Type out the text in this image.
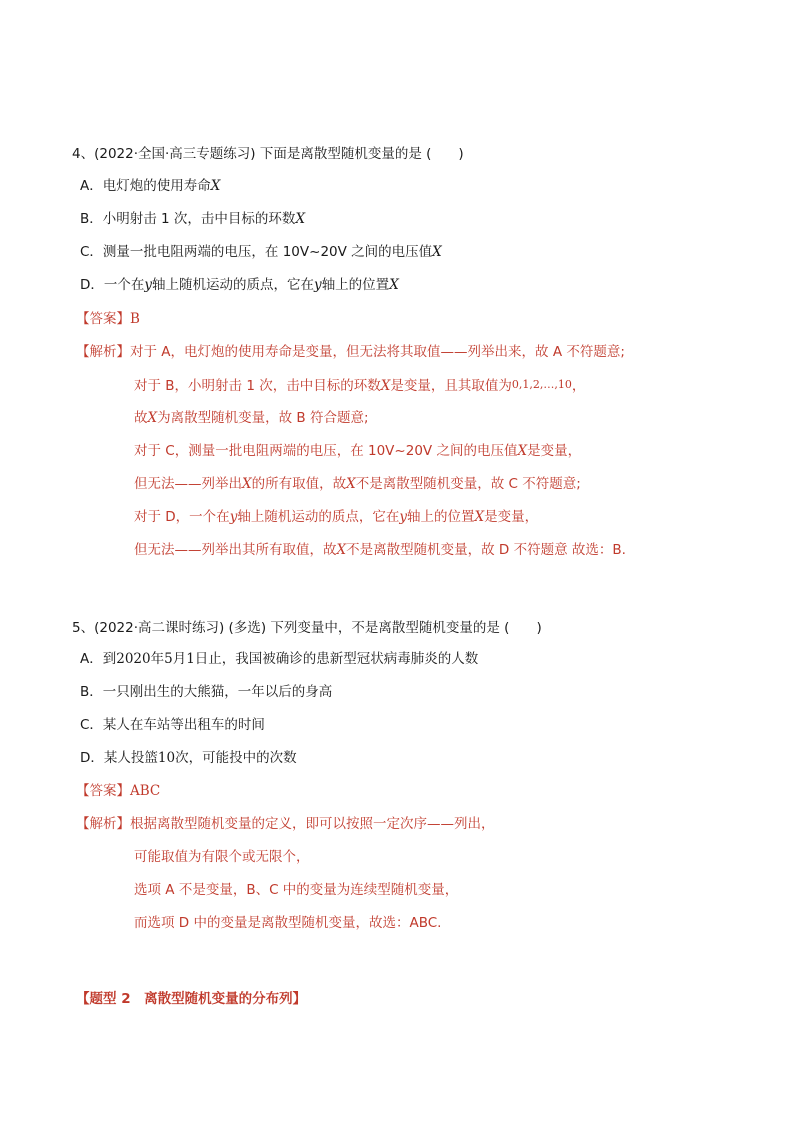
4、(2022·全国·高三专题练习) 下面是离散型随机变量的是 (　　)
A．电灯炮的使用寿命X
B．小明射击 1 次，击中目标的环数X
C．测量一批电阻两端的电压，在 10V~20V 之间的电压值X
D．一个在y轴上随机运动的质点，它在y轴上的位置X
【答案】B
【解析】对于 A，电灯炮的使用寿命是变量，但无法将其取值——列举出来，故 A 不符题意;
对于 B，小明射击 1 次，击中目标的环数X是变量，且其取值为0,1,2,…,10，
故X为离散型随机变量，故 B 符合题意;
对于 C，测量一批电阻两端的电压，在 10V~20V 之间的电压值X是变量，
但无法——列举出X的所有取值，故X不是离散型随机变量，故 C 不符题意;
对于 D，一个在y轴上随机运动的质点，它在y轴上的位置X是变量，
但无法——列举出其所有取值，故X不是离散型随机变量，故 D 不符题意 故选：B.
5、(2022·高二课时练习) (多选) 下列变量中，不是离散型随机变量的是 (　　)
A．到2020年5月1日止，我国被确诊的患新型冠状病毒肺炎的人数
B．一只刚出生的大熊猫，一年以后的身高
C．某人在车站等出租车的时间
D．某人投篮10次，可能投中的次数
【答案】ABC
【解析】根据离散型随机变量的定义，即可以按照一定次序——列出，
可能取值为有限个或无限个，
选项 A 不是变量，B、C 中的变量为连续型随机变量，
而选项 D 中的变量是离散型随机变量，故选：ABC.
【题型 2　离散型随机变量的分布列】
